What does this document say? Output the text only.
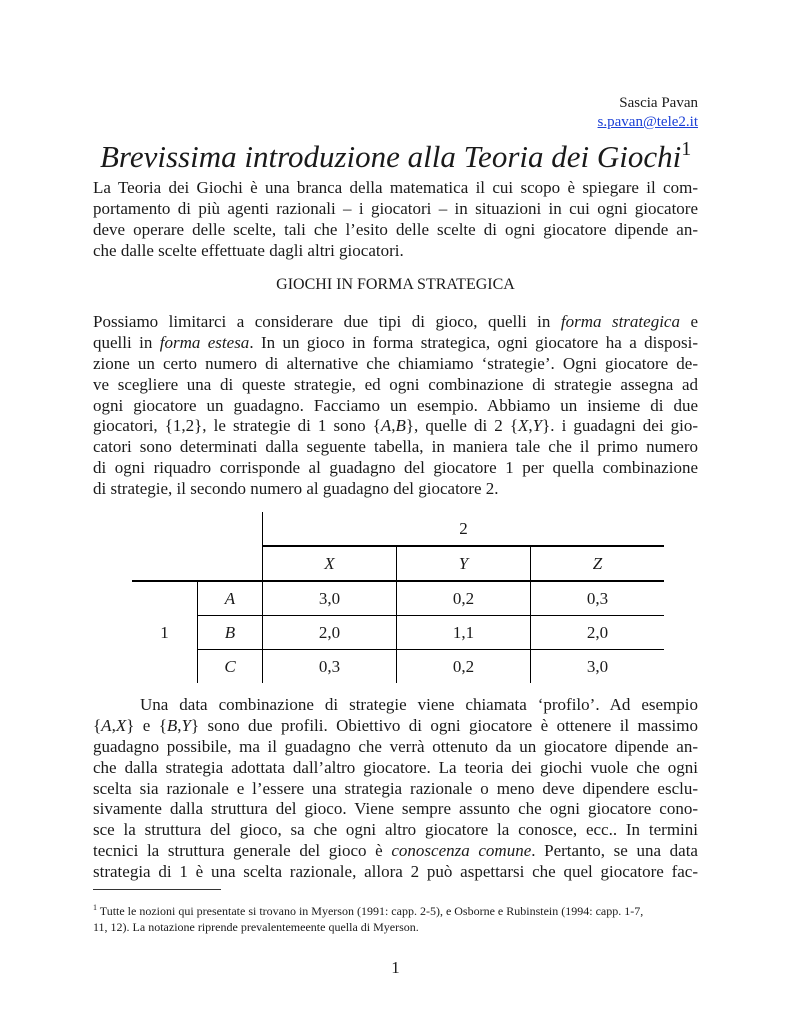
Sascia Pavan
s.pavan@tele2.it
Brevissima introduzione alla Teoria dei Giochi$^1$
La Teoria dei Giochi è una branca della matematica il cui scopo è spiegare il com-
portamento di più agenti razionali – i giocatori – in situazioni in cui ogni giocatore
deve operare delle scelte, tali che l’esito delle scelte di ogni giocatore dipende an-
che dalle scelte effettuate dagli altri giocatori.
GIOCHI IN FORMA STRATEGICA
Possiamo limitarci a considerare due tipi di gioco, quelli in forma strategica e
quelli in forma estesa. In un gioco in forma strategica, ogni giocatore ha a disposi-
zione un certo numero di alternative che chiamiamo ‘strategie’. Ogni giocatore de-
ve scegliere una di queste strategie, ed ogni combinazione di strategie assegna ad
ogni giocatore un guadagno. Facciamo un esempio. Abbiamo un insieme di due
giocatori, {1,2}, le strategie di 1 sono {A,B}, quelle di 2 {X,Y}. i guadagni dei gio-
catori sono determinati dalla seguente tabella, in maniera tale che il primo numero
di ogni riquadro corrisponde al guadagno del giocatore 1 per quella combinazione
di strategie, il secondo numero al guadagno del giocatore 2.
		2		
		X	Y	Z
	A	3,0	0,2	0,3
1	B	2,0	1,1	2,0
	C	0,3	0,2	3,0
Una data combinazione di strategie viene chiamata ‘profilo’. Ad esempio
{A,X} e {B,Y} sono due profili. Obiettivo di ogni giocatore è ottenere il massimo
guadagno possibile, ma il guadagno che verrà ottenuto da un giocatore dipende an-
che dalla strategia adottata dall’altro giocatore. La teoria dei giochi vuole che ogni
scelta sia razionale e l’essere una strategia razionale o meno deve dipendere esclu-
sivamente dalla struttura del gioco. Viene sempre assunto che ogni giocatore cono-
sce la struttura del gioco, sa che ogni altro giocatore la conosce, ecc.. In termini
tecnici la struttura generale del gioco è conoscenza comune. Pertanto, se una data
strategia di 1 è una scelta razionale, allora 2 può aspettarsi che quel giocatore fac-
$^1$ Tutte le nozioni qui presentate si trovano in Myerson (1991: capp. 2-5), e Osborne e Rubinstein (1994: capp. 1-7,
11, 12). La notazione riprende prevalentemeente quella di Myerson.
1
